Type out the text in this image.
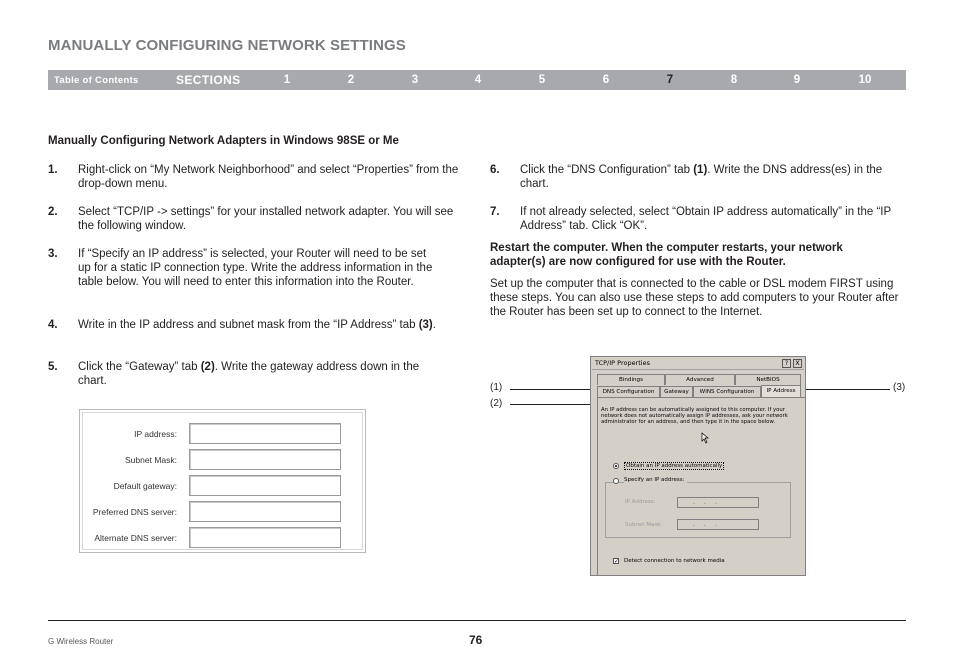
MANUALLY CONFIGURING NETWORK SETTINGS
Table of Contents	SECTIONS	1	2	3	4	5	6	7	8	9	10
Manually Configuring Network Adapters in Windows 98SE or Me
1. Right-click on “My Network Neighborhood” and select “Properties” from the drop-down menu.
2. Select “TCP/IP -> settings” for your installed network adapter. You will see the following window.
3. If “Specify an IP address” is selected, your Router will need to be set up for a static IP connection type. Write the address information in the table below. You will need to enter this information into the Router.
4. Write in the IP address and subnet mask from the “IP Address” tab (3).
5. Click the “Gateway” tab (2). Write the gateway address down in the chart.
IP address:
Subnet Mask:
Default gateway:
Preferred DNS server:
Alternate DNS server:
6. Click the “DNS Configuration” tab (1). Write the DNS address(es) in the chart.
7. If not already selected, select “Obtain IP address automatically” in the “IP Address” tab. Click “OK”.
Restart the computer. When the computer restarts, your network adapter(s) are now configured for use with the Router.
Set up the computer that is connected to the cable or DSL modem FIRST using these steps. You can also use these steps to add computers to your Router after the Router has been set up to connect to the Internet.
(1)
(2)
(3)
TCP/IP Properties	?	X
Bindings	Advanced	NetBIOS
DNS Configuration	Gateway	WINS Configuration	IP Address
An IP address can be automatically assigned to this computer. If your network does not automatically assign IP addresses, ask your network administrator for an address, and then type it in the space below.
Obtain an IP address automatically
Specify an IP address:
IP Address:	...
Subnet Mask:	...
✓ Detect connection to network media
G Wireless Router	76
